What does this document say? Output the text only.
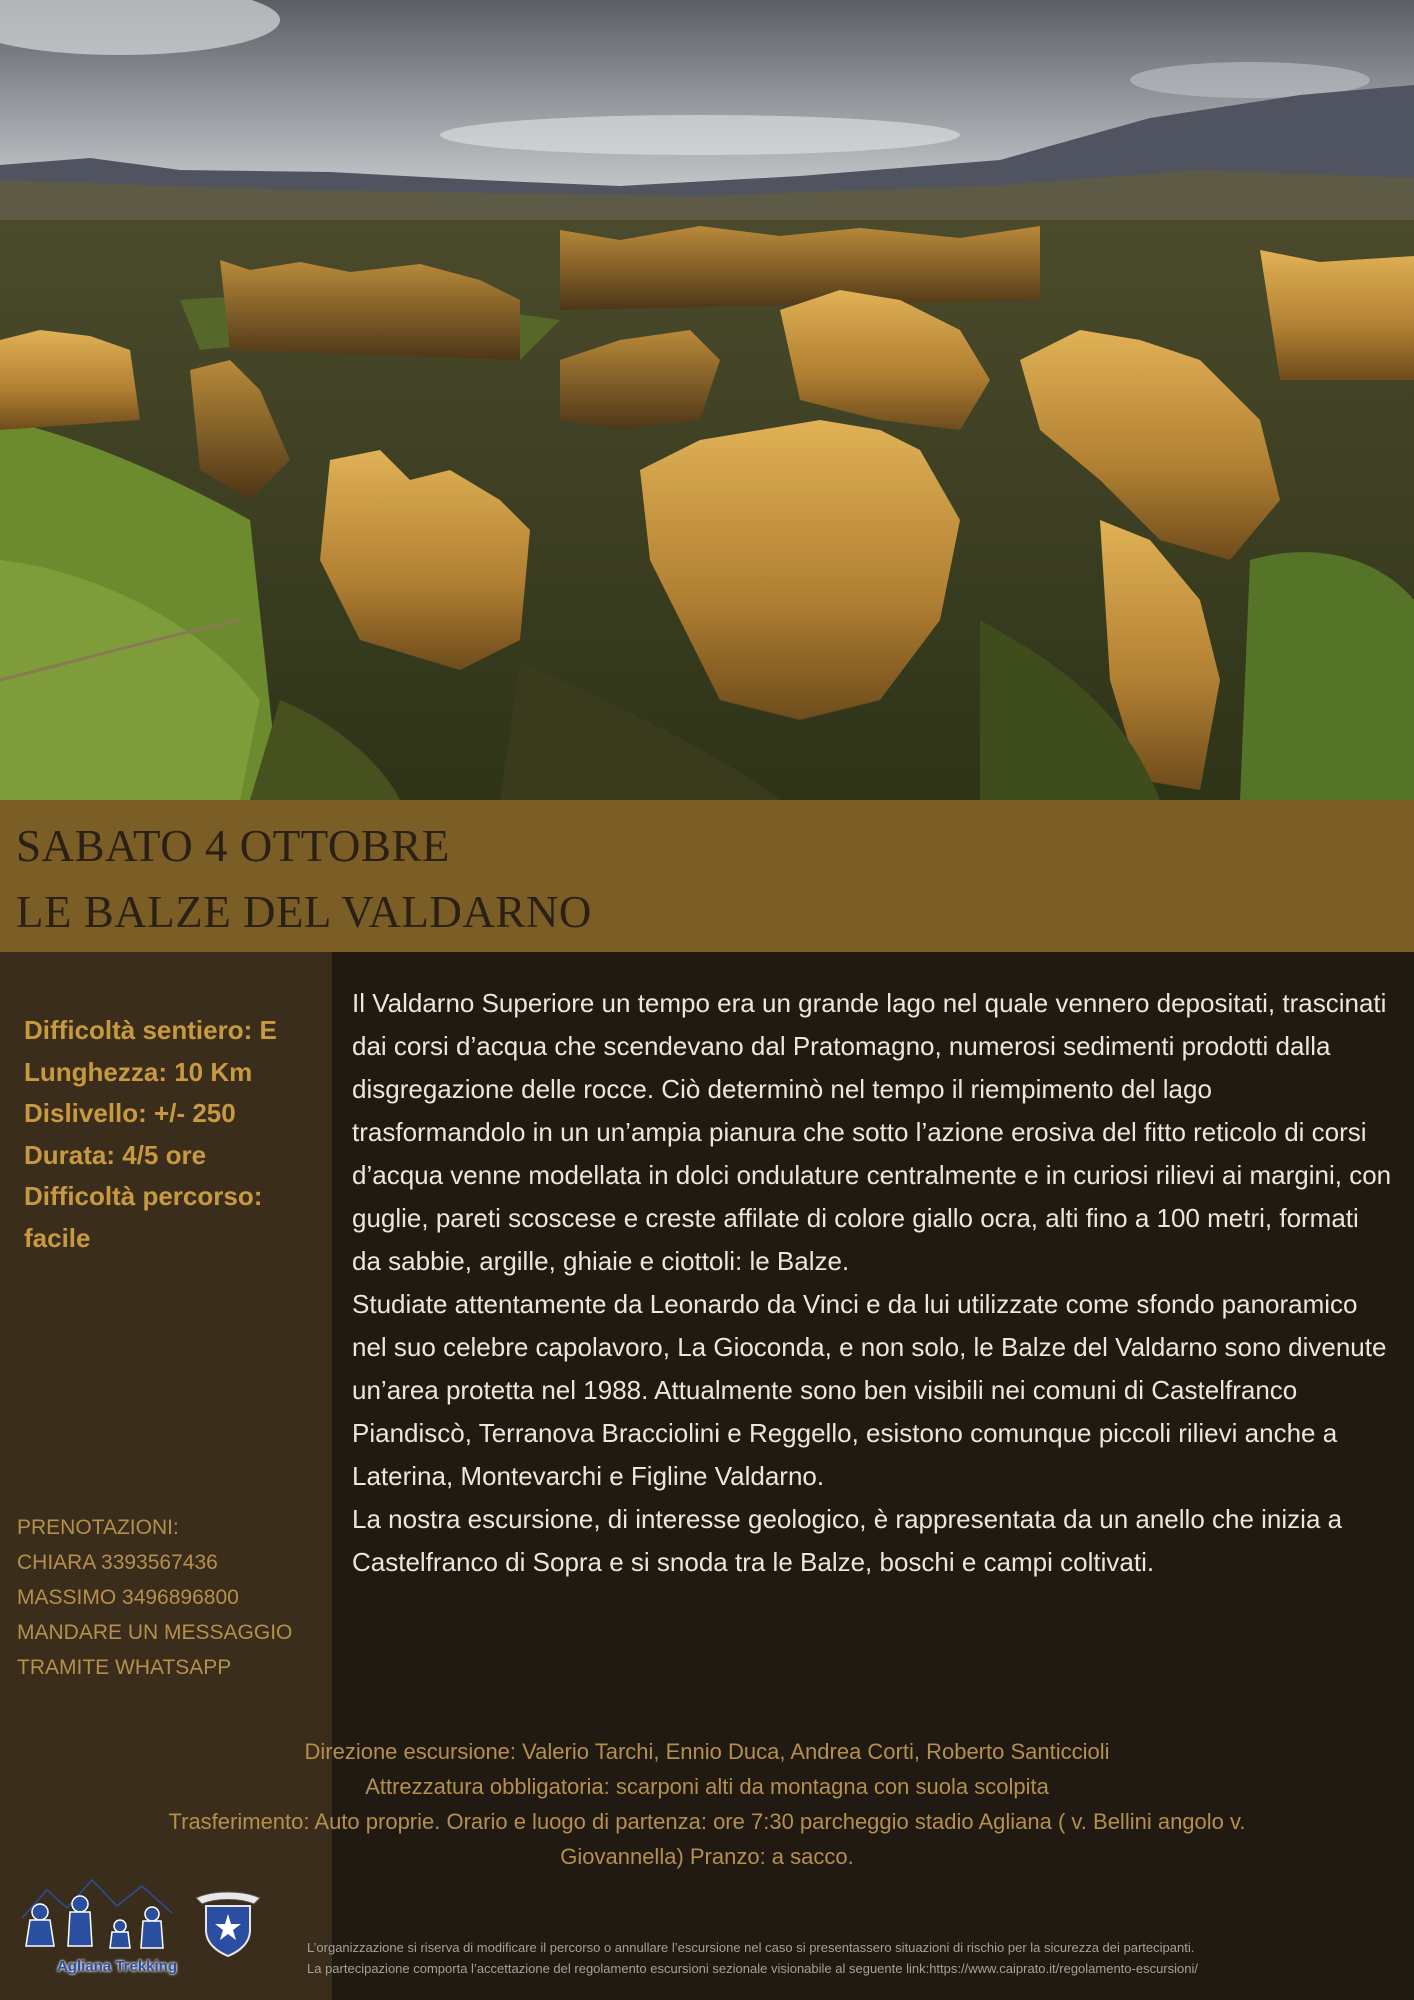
SABATO 4 OTTOBRE
LE BALZE DEL VALDARNO
Difficoltà sentiero: E
Lunghezza: 10 Km
Dislivello: +/- 250
Durata: 4/5 ore
Difficoltà percorso:
facile
PRENOTAZIONI:
CHIARA 3393567436
MASSIMO 3496896800
MANDARE UN MESSAGGIO
TRAMITE WHATSAPP

Il Valdarno Superiore un tempo era un grande lago nel quale vennero depositati, trascinati dai corsi d’acqua che scendevano dal Pratomagno, numerosi sedimenti prodotti dalla disgregazione delle rocce. Ciò determinò nel tempo il riempimento del lago trasformandolo in un un’ampia pianura che sotto l’azione erosiva del fitto reticolo di corsi d’acqua venne modellata in dolci ondulature centralmente e in curiosi rilievi ai margini, con guglie, pareti scoscese e creste affilate di colore giallo ocra, alti fino a 100 metri, formati da sabbie, argille, ghiaie e ciottoli: le Balze.

Studiate attentamente da Leonardo da Vinci e da lui utilizzate come sfondo panoramico nel suo celebre capolavoro, La Gioconda, e non solo, le Balze del Valdarno sono divenute un’area protetta nel 1988. Attualmente sono ben visibili nei comuni di Castelfranco Piandiscò, Terranova Bracciolini e Reggello, esistono comunque piccoli rilievi anche a Laterina, Montevarchi e Figline Valdarno.

La nostra escursione, di interesse geologico, è rappresentata da un anello che inizia a Castelfranco di Sopra e si snoda tra le Balze, boschi e campi coltivati.

Direzione escursione: Valerio Tarchi, Ennio Duca, Andrea Corti, Roberto Santiccioli
Attrezzatura obbligatoria: scarponi alti da montagna con suola scolpita
Trasferimento: Auto proprie. Orario e luogo di partenza: ore 7:30 parcheggio stadio Agliana ( v. Bellini angolo v.
Giovannella) Pranzo: a sacco.
Agliana Trekking
L’organizzazione si riserva di modificare il percorso o annullare l’escursione nel caso si presentassero situazioni di rischio per la sicurezza dei partecipanti.
La partecipazione comporta l’accettazione del regolamento escursioni sezionale visionabile al seguente link:https://www.caiprato.it/regolamento-escursioni/
